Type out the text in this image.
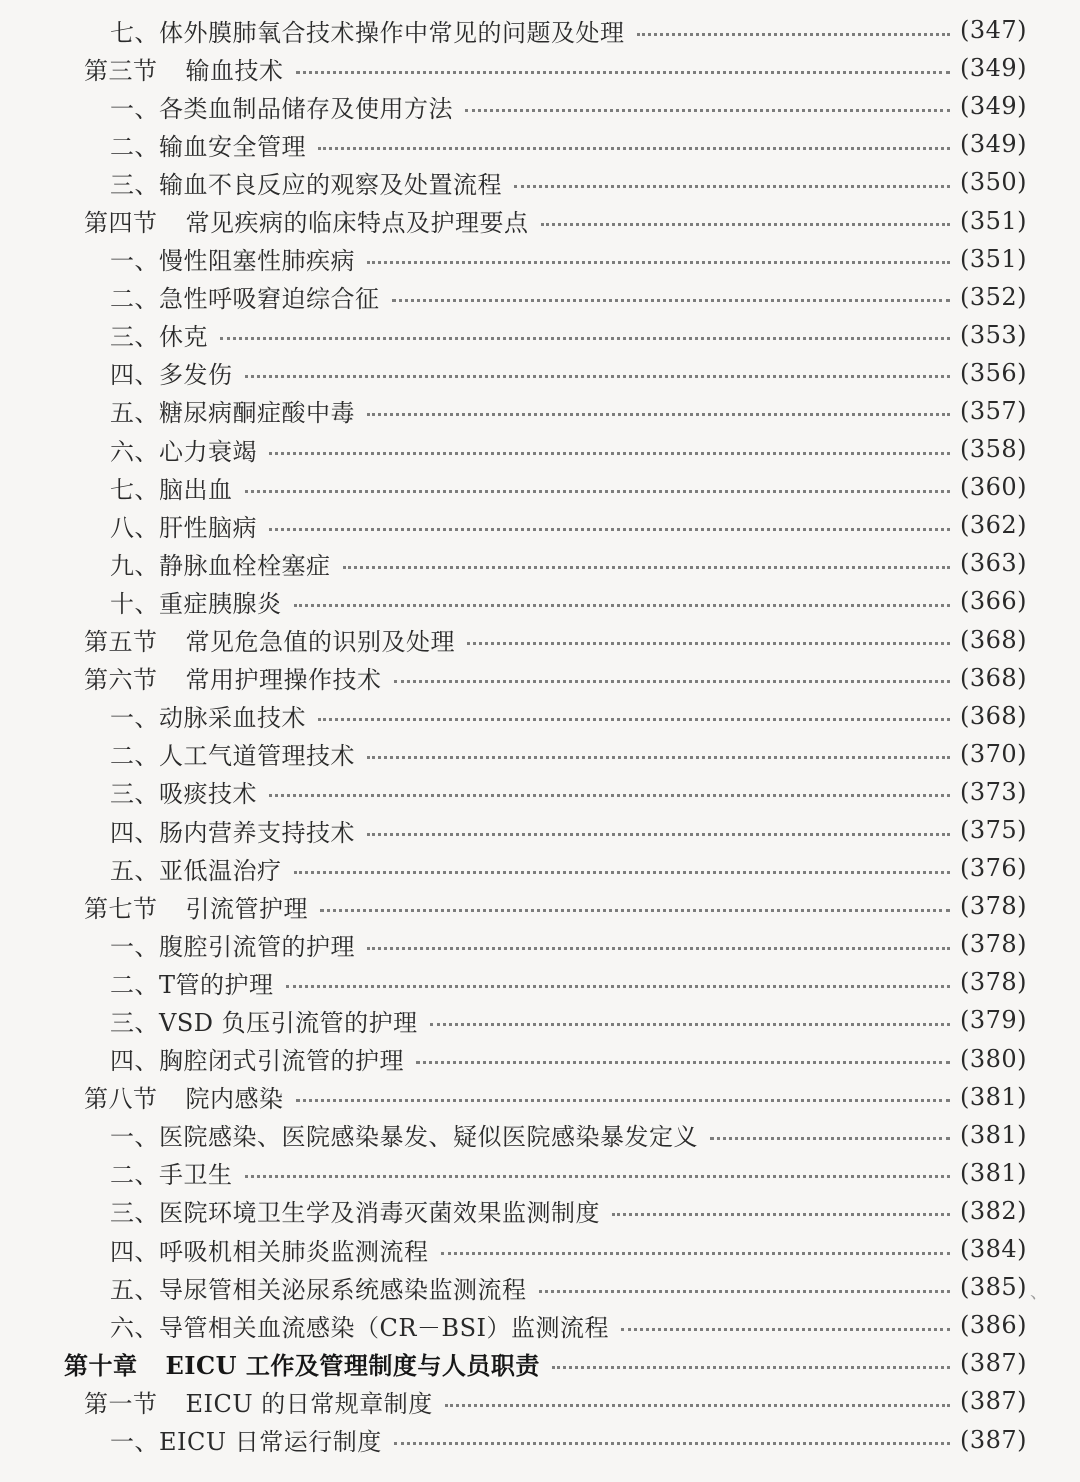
七、体外膜肺氧合技术操作中常见的问题及处理	(347)
第三节 输血技术	(349)
一、各类血制品储存及使用方法	(349)
二、输血安全管理	(349)
三、输血不良反应的观察及处置流程	(350)
第四节 常见疾病的临床特点及护理要点	(351)
一、慢性阻塞性肺疾病	(351)
二、急性呼吸窘迫综合征	(352)
三、休克	(353)
四、多发伤	(356)
五、糖尿病酮症酸中毒	(357)
六、心力衰竭	(358)
七、脑出血	(360)
八、肝性脑病	(362)
九、静脉血栓栓塞症	(363)
十、重症胰腺炎	(366)
第五节 常见危急值的识别及处理	(368)
第六节 常用护理操作技术	(368)
一、动脉采血技术	(368)
二、人工气道管理技术	(370)
三、吸痰技术	(373)
四、肠内营养支持技术	(375)
五、亚低温治疗	(376)
第七节 引流管护理	(378)
一、腹腔引流管的护理	(378)
二、T管的护理	(378)
三、VSD 负压引流管的护理	(379)
四、胸腔闭式引流管的护理	(380)
第八节 院内感染	(381)
一、医院感染、医院感染暴发、疑似医院感染暴发定义	(381)
二、手卫生	(381)
三、医院环境卫生学及消毒灭菌效果监测制度	(382)
四、呼吸机相关肺炎监测流程	(384)
五、导尿管相关泌尿系统感染监测流程	(385)
六、导管相关血流感染（CR－BSI）监测流程	(386)
第十章 EICU 工作及管理制度与人员职责	(387)
第一节 EICU 的日常规章制度	(387)
一、EICU 日常运行制度	(387)
、
